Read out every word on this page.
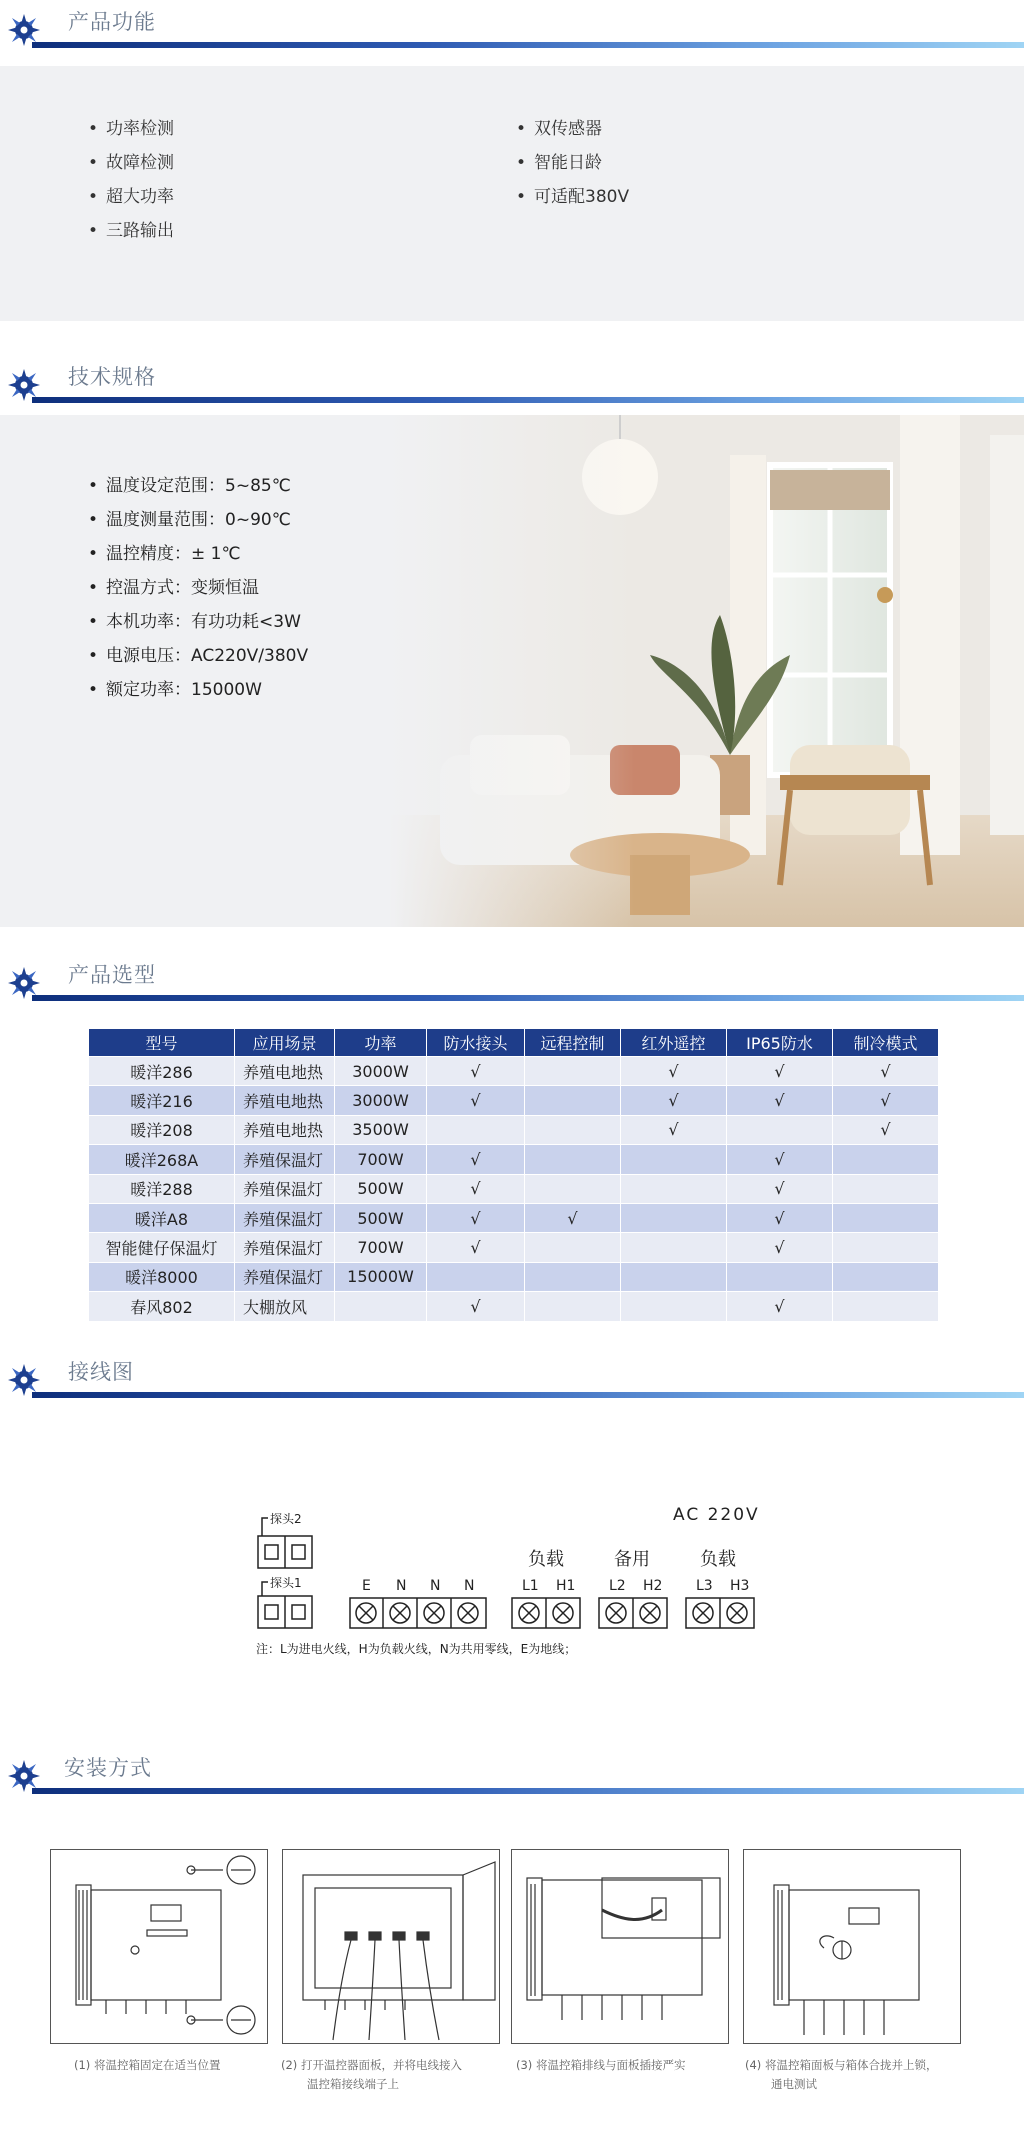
产品功能
• 功率检测
• 故障检测
• 超大功率
• 三路输出
• 双传感器
• 智能日龄
• 可适配380V
技术规格
• 温度设定范围：5~85℃
• 温度测量范围：0~90℃
• 温控精度：± 1℃
• 控温方式：变频恒温
• 本机功率：有功功耗<3W
• 电源电压：AC220V/380V
• 额定功率：15000W
产品选型
型号	应用场景	功率	防水接头	远程控制	红外遥控	IP65防水	制冷模式
暖洋286	养殖电地热	3000W	√		√	√	√
暖洋216	养殖电地热	3000W	√		√	√	√
暖洋208	养殖电地热	3500W			√		√
暖洋268A	养殖保温灯	700W	√			√	
暖洋288	养殖保温灯	500W	√			√	
暖洋A8	养殖保温灯	500W	√	√		√	
智能健仔保温灯	养殖保温灯	700W	√			√	
暖洋8000	养殖保温灯	15000W					
春风802	大棚放风		√			√	
接线图
AC 220V
探头2
探头1
负载	备用	负载
E N N N	L1 H1 L2 H2 L3 H3
注：L为进电火线，H为负载火线，N为共用零线，E为地线；
安装方式
(1) 将温控箱固定在适当位置	(2) 打开温控器面板，并将电线接入
温控箱接线端子上
(3) 将温控箱排线与面板插接严实	(4) 将温控箱面板与箱体合拢并上锁，
通电测试
